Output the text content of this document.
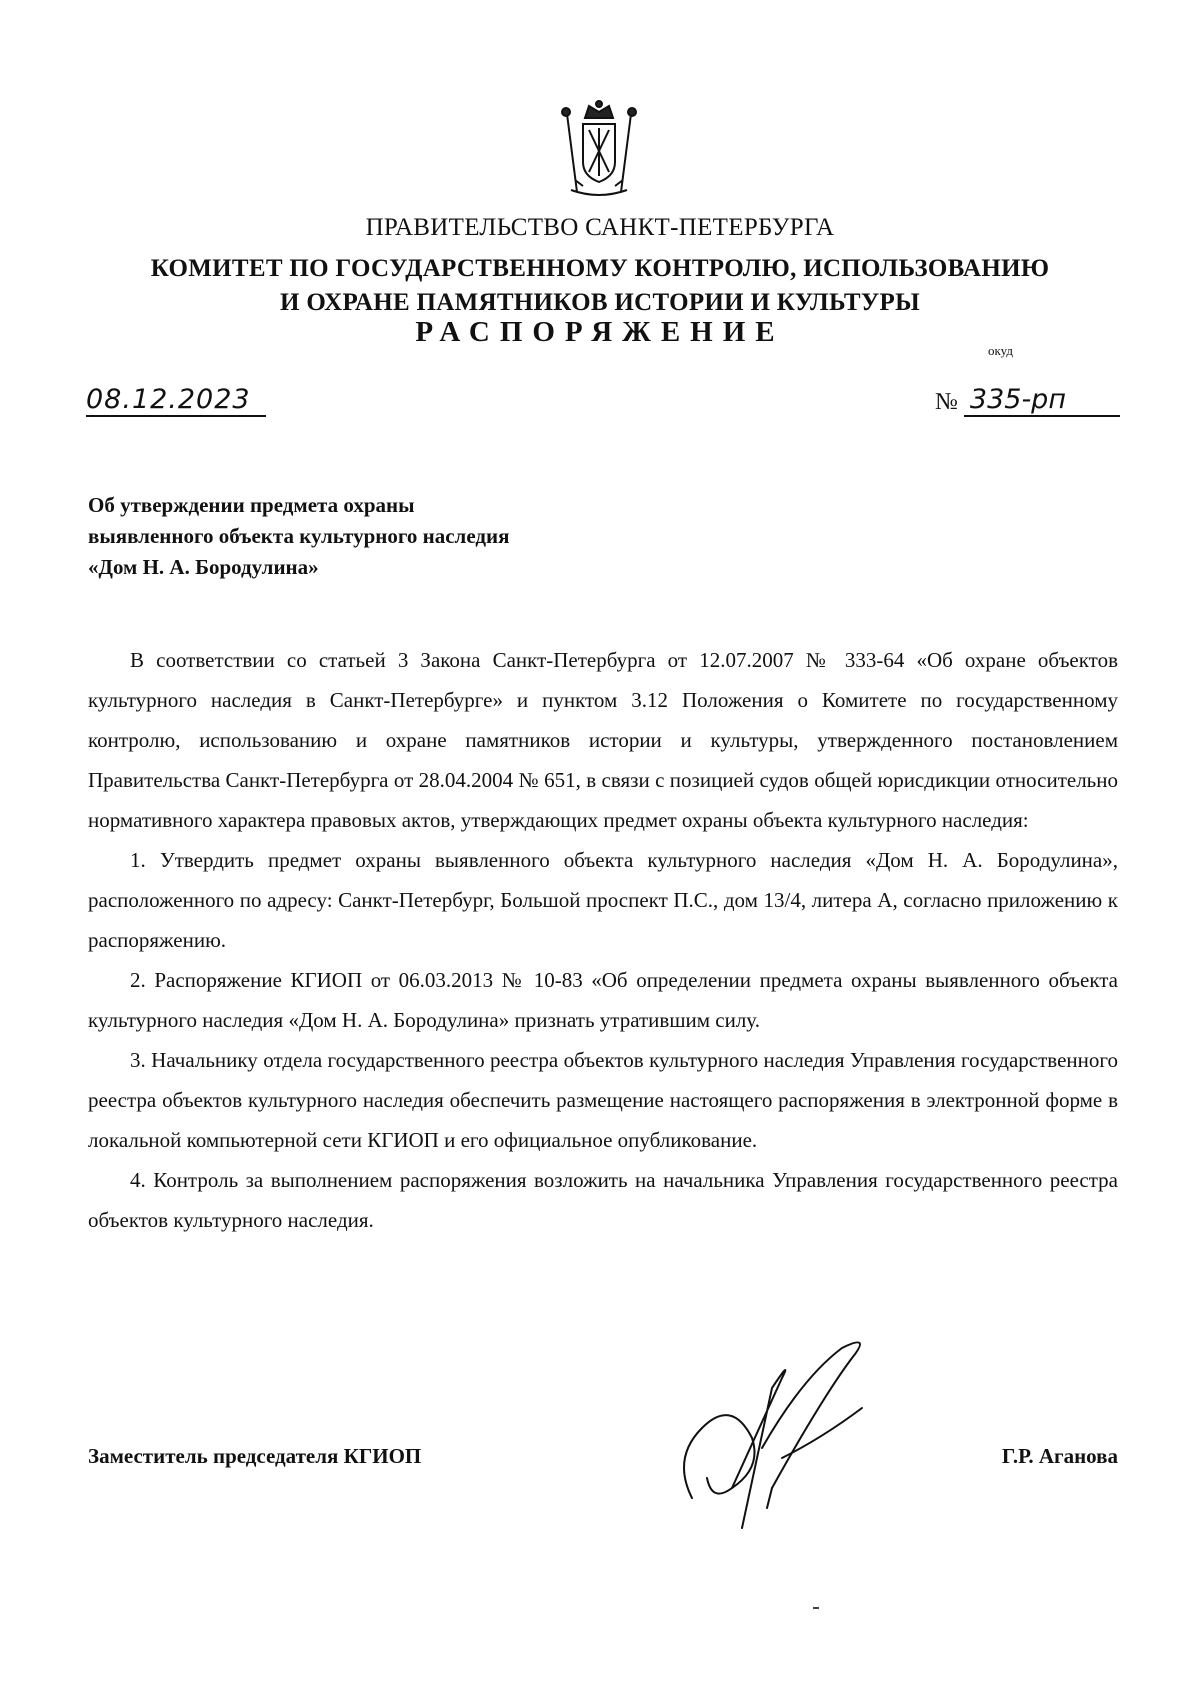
ПРАВИТЕЛЬСТВО САНКТ-ПЕТЕРБУРГА
КОМИТЕТ ПО ГОСУДАРСТВЕННОМУ КОНТРОЛЮ, ИСПОЛЬЗОВАНИЮ
И ОХРАНЕ ПАМЯТНИКОВ ИСТОРИИ И КУЛЬТУРЫ
РАСПОРЯЖЕНИЕ
окуд
08.12.2023	№ 335-рп
Об утверждении предмета охраны
выявленного объекта культурного наследия
«Дом Н. А. Бородулина»

В соответствии со статьей 3 Закона Санкт-Петербурга от 12.07.2007 № 333-64 «Об охране объектов культурного наследия в Санкт-Петербурге» и пунктом 3.12 Положения о Комитете по государственному контролю, использованию и охране памятников истории и культуры, утвержденного постановлением Правительства Санкт-Петербурга от 28.04.2004 № 651, в связи с позицией судов общей юрисдикции относительно нормативного характера правовых актов, утверждающих предмет охраны объекта культурного наследия:

1. Утвердить предмет охраны выявленного объекта культурного наследия «Дом Н. А. Бородулина», расположенного по адресу: Санкт-Петербург, Большой проспект П.С., дом 13/4, литера А, согласно приложению к распоряжению.

2. Распоряжение КГИОП от 06.03.2013 № 10-83 «Об определении предмета охраны выявленного объекта культурного наследия «Дом Н. А. Бородулина» признать утратившим силу.

3. Начальнику отдела государственного реестра объектов культурного наследия Управления государственного реестра объектов культурного наследия обеспечить размещение настоящего распоряжения в электронной форме в локальной компьютерной сети КГИОП и его официальное опубликование.

4. Контроль за выполнением распоряжения возложить на начальника Управления государственного реестра объектов культурного наследия.

Заместитель председателя КГИОП	Г.Р. Аганова
